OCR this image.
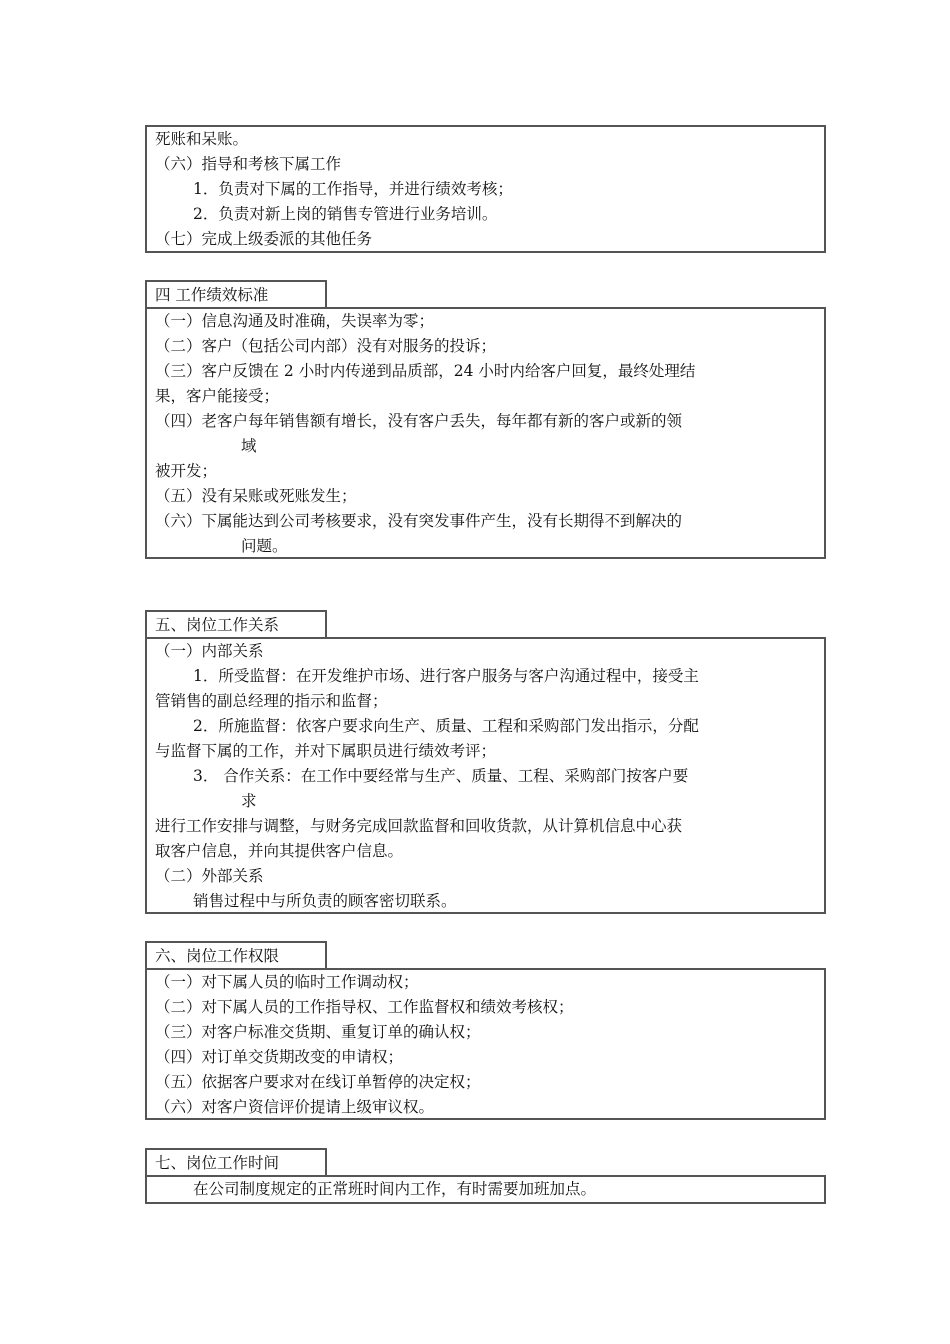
死账和呆账。
（六）指导和考核下属工作
1．负责对下属的工作指导，并进行绩效考核；
2．负责对新上岗的销售专管进行业务培训。
（七）完成上级委派的其他任务
四 工作绩效标准
（一）信息沟通及时准确，失误率为零；
（二）客户（包括公司内部）没有对服务的投诉；
（三）客户反馈在 2 小时内传递到品质部，24 小时内给客户回复，最终处理结
果，客户能接受；
（四）老客户每年销售额有增长，没有客户丢失，每年都有新的客户或新的领
域
被开发；
（五）没有呆账或死账发生；
（六）下属能达到公司考核要求，没有突发事件产生，没有长期得不到解决的
问题。
五、岗位工作关系
（一）内部关系
1．所受监督：在开发维护市场、进行客户服务与客户沟通过程中，接受主
管销售的副总经理的指示和监督；
2．所施监督：依客户要求向生产、质量、工程和采购部门发出指示，分配
与监督下属的工作，并对下属职员进行绩效考评；
3． 合作关系：在工作中要经常与生产、质量、工程、采购部门按客户要
求
进行工作安排与调整，与财务完成回款监督和回收货款，从计算机信息中心获
取客户信息，并向其提供客户信息。
（二）外部关系
销售过程中与所负责的顾客密切联系。
六、岗位工作权限
（一）对下属人员的临时工作调动权；
（二）对下属人员的工作指导权、工作监督权和绩效考核权；
（三）对客户标准交货期、重复订单的确认权；
（四）对订单交货期改变的申请权；
（五）依据客户要求对在线订单暂停的决定权；
（六）对客户资信评价提请上级审议权。
七、岗位工作时间
在公司制度规定的正常班时间内工作，有时需要加班加点。
